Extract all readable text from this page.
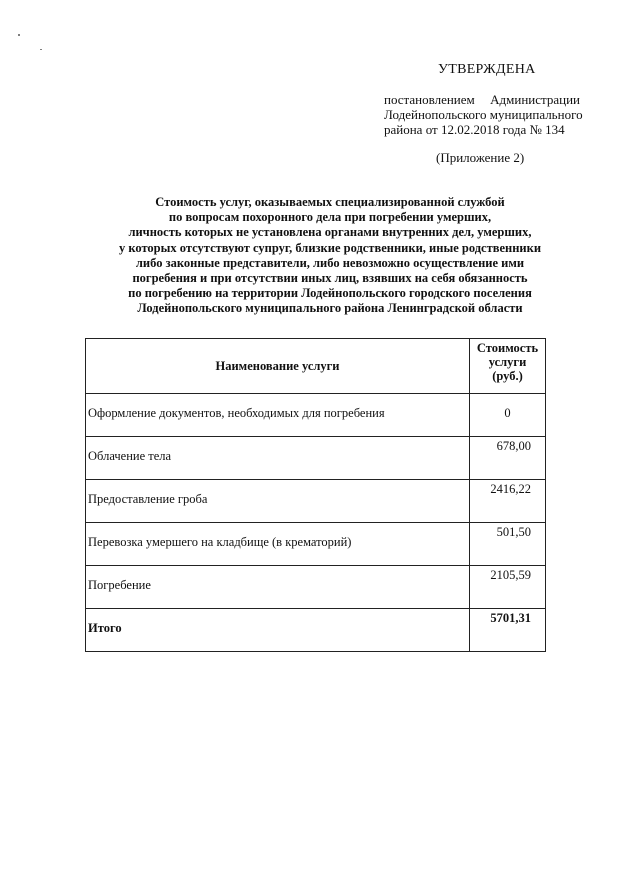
УТВЕРЖДЕНА
постановлением Администрации
Лодейнопольского муниципального
района от 12.02.2018 года № 134
(Приложение 2)
Стоимость услуг, оказываемых специализированной службой
по вопросам похоронного дела при погребении умерших,
личность которых не установлена органами внутренних дел, умерших,
у которых отсутствуют супруг, близкие родственники, иные родственники
либо законные представители, либо невозможно осуществление ими
погребения и при отсутствии иных лиц, взявших на себя обязанность
по погребению на территории Лодейнопольского городского поселения
Лодейнопольского муниципального района Ленинградской области
Наименование услуги	Стоимость
услуги
(руб.)

Оформление документов, необходимых для погребения	0
Облачение тела	678,00
Предоставление гроба	2416,22
Перевозка умершего на кладбище (в крематорий)	501,50
Погребение	2105,59
Итого	5701,31
